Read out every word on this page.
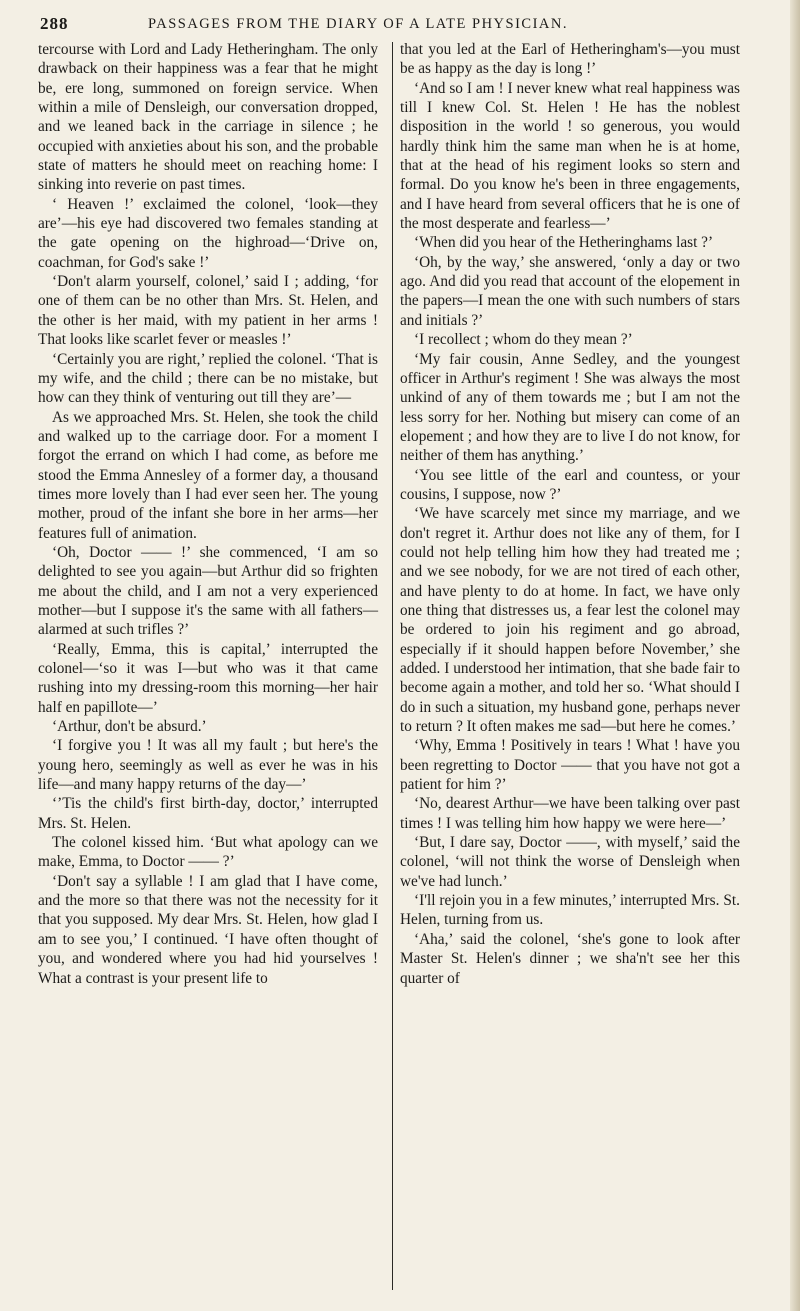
288	PASSAGES FROM THE DIARY OF A LATE PHYSICIAN.

tercourse with Lord and Lady Hetheringham. The only drawback on their happiness was a fear that he might be, ere long, summoned on foreign service. When within a mile of Densleigh, our conversation dropped, and we leaned back in the carriage in silence ; he occupied with anxieties about his son, and the probable state of matters he should meet on reaching home: I sinking into reverie on past times.

‘ Heaven !’ exclaimed the colonel, ‘look—they are’—his eye had discovered two females standing at the gate opening on the highroad—‘Drive on, coachman, for God's sake !’

‘Don't alarm yourself, colonel,’ said I ; adding, ‘for one of them can be no other than Mrs. St. Helen, and the other is her maid, with my patient in her arms ! That looks like scarlet fever or measles !’

‘Certainly you are right,’ replied the colonel. ‘That is my wife, and the child ; there can be no mistake, but how can they think of venturing out till they are’—

As we approached Mrs. St. Helen, she took the child and walked up to the carriage door. For a moment I forgot the errand on which I had come, as before me stood the Emma Annesley of a former day, a thousand times more lovely than I had ever seen her. The young mother, proud of the infant she bore in her arms—her features full of animation.

‘Oh, Doctor —— !’ she commenced, ‘I am so delighted to see you again—but Arthur did so frighten me about the child, and I am not a very experienced mother—but I suppose it's the same with all fathers—alarmed at such trifles ?’

‘Really, Emma, this is capital,’ interrupted the colonel—‘so it was I—but who was it that came rushing into my dressing-room this morning—her hair half en papillote—’

‘Arthur, don't be absurd.’

‘I forgive you ! It was all my fault ; but here's the young hero, seemingly as well as ever he was in his life—and many happy returns of the day—’

‘’Tis the child's first birth-day, doctor,’ interrupted Mrs. St. Helen.

The colonel kissed him. ‘But what apology can we make, Emma, to Doctor —— ?’

‘Don't say a syllable ! I am glad that I have come, and the more so that there was not the necessity for it that you supposed. My dear Mrs. St. Helen, how glad I am to see you,’ I continued. ‘I have often thought of you, and wondered where you had hid yourselves ! What a contrast is your present life to

that you led at the Earl of Hetheringham's—you must be as happy as the day is long !’

‘And so I am ! I never knew what real happiness was till I knew Col. St. Helen ! He has the noblest disposition in the world ! so generous, you would hardly think him the same man when he is at home, that at the head of his regiment looks so stern and formal. Do you know he's been in three engagements, and I have heard from several officers that he is one of the most desperate and fearless—’

‘When did you hear of the Hetheringhams last ?’

‘Oh, by the way,’ she answered, ‘only a day or two ago. And did you read that account of the elopement in the papers—I mean the one with such numbers of stars and initials ?’

‘I recollect ; whom do they mean ?’

‘My fair cousin, Anne Sedley, and the youngest officer in Arthur's regiment ! She was always the most unkind of any of them towards me ; but I am not the less sorry for her. Nothing but misery can come of an elopement ; and how they are to live I do not know, for neither of them has anything.’

‘You see little of the earl and countess, or your cousins, I suppose, now ?’

‘We have scarcely met since my marriage, and we don't regret it. Arthur does not like any of them, for I could not help telling him how they had treated me ; and we see nobody, for we are not tired of each other, and have plenty to do at home. In fact, we have only one thing that distresses us, a fear lest the colonel may be ordered to join his regiment and go abroad, especially if it should happen before November,’ she added. I understood her intimation, that she bade fair to become again a mother, and told her so. ‘What should I do in such a situation, my husband gone, perhaps never to return ? It often makes me sad—but here he comes.’

‘Why, Emma ! Positively in tears ! What ! have you been regretting to Doctor —— that you have not got a patient for him ?’

‘No, dearest Arthur—we have been talking over past times ! I was telling him how happy we were here—’

‘But, I dare say, Doctor ——, with myself,’ said the colonel, ‘will not think the worse of Densleigh when we've had lunch.’

‘I'll rejoin you in a few minutes,’ interrupted Mrs. St. Helen, turning from us.

‘Aha,’ said the colonel, ‘she's gone to look after Master St. Helen's dinner ; we sha'n't see her this quarter of
